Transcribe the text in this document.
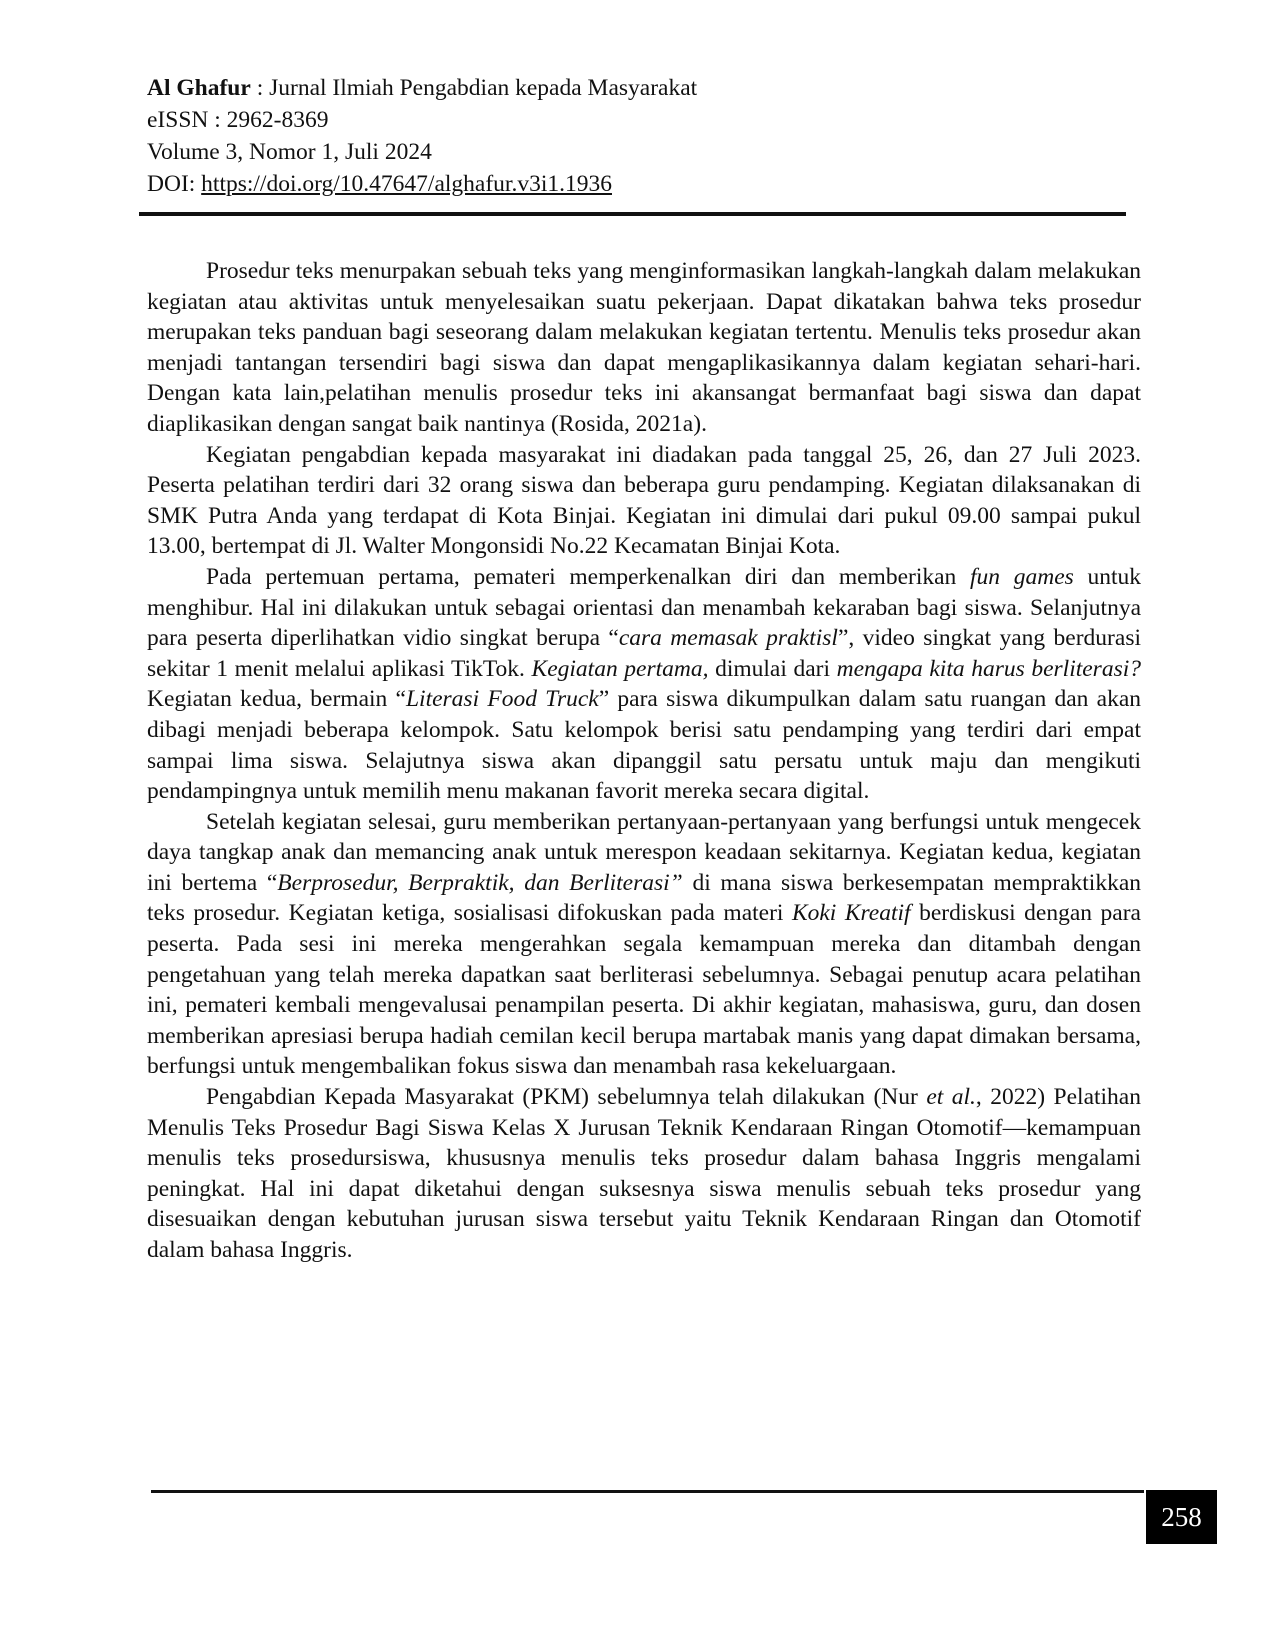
Al Ghafur : Jurnal Ilmiah Pengabdian kepada Masyarakat
eISSN : 2962-8369
Volume 3, Nomor 1, Juli 2024
DOI: https://doi.org/10.47647/alghafur.v3i1.1936

Prosedur teks menurpakan sebuah teks yang menginformasikan langkah-langkah dalam melakukan kegiatan atau aktivitas untuk menyelesaikan suatu pekerjaan. Dapat dikatakan bahwa teks prosedur merupakan teks panduan bagi seseorang dalam melakukan kegiatan tertentu. Menulis teks prosedur akan menjadi tantangan tersendiri bagi siswa dan dapat mengaplikasikannya dalam kegiatan sehari-hari. Dengan kata lain,pelatihan menulis prosedur teks ini akansangat bermanfaat bagi siswa dan dapat diaplikasikan dengan sangat baik nantinya (Rosida, 2021a).

Kegiatan pengabdian kepada masyarakat ini diadakan pada tanggal 25, 26, dan 27 Juli 2023. Peserta pelatihan terdiri dari 32 orang siswa dan beberapa guru pendamping. Kegiatan dilaksanakan di SMK Putra Anda yang terdapat di Kota Binjai. Kegiatan ini dimulai dari pukul 09.00 sampai pukul 13.00, bertempat di Jl. Walter Mongonsidi No.22 Kecamatan Binjai Kota.

Pada pertemuan pertama, pemateri memperkenalkan diri dan memberikan fun games untuk menghibur. Hal ini dilakukan untuk sebagai orientasi dan menambah kekaraban bagi siswa. Selanjutnya para peserta diperlihatkan vidio singkat berupa “cara memasak praktisl”, video singkat yang berdurasi sekitar 1 menit melalui aplikasi TikTok. Kegiatan pertama, dimulai dari mengapa kita harus berliterasi? Kegiatan kedua, bermain “Literasi Food Truck” para siswa dikumpulkan dalam satu ruangan dan akan dibagi menjadi beberapa kelompok. Satu kelompok berisi satu pendamping yang terdiri dari empat sampai lima siswa. Selajutnya siswa akan dipanggil satu persatu untuk maju dan mengikuti pendampingnya untuk memilih menu makanan favorit mereka secara digital.

Setelah kegiatan selesai, guru memberikan pertanyaan-pertanyaan yang berfungsi untuk mengecek daya tangkap anak dan memancing anak untuk merespon keadaan sekitarnya. Kegiatan kedua, kegiatan ini bertema “Berprosedur, Berpraktik, dan Berliterasi” di mana siswa berkesempatan mempraktikkan teks prosedur. Kegiatan ketiga, sosialisasi difokuskan pada materi Koki Kreatif berdiskusi dengan para peserta. Pada sesi ini mereka mengerahkan segala kemampuan mereka dan ditambah dengan pengetahuan yang telah mereka dapatkan saat berliterasi sebelumnya. Sebagai penutup acara pelatihan ini, pemateri kembali mengevalusai penampilan peserta. Di akhir kegiatan, mahasiswa, guru, dan dosen memberikan apresiasi berupa hadiah cemilan kecil berupa martabak manis yang dapat dimakan bersama, berfungsi untuk mengembalikan fokus siswa dan menambah rasa kekeluargaan.

Pengabdian Kepada Masyarakat (PKM) sebelumnya telah dilakukan (Nur et al., 2022) Pelatihan Menulis Teks Prosedur Bagi Siswa Kelas X Jurusan Teknik Kendaraan Ringan Otomotif—kemampuan menulis teks prosedursiswa, khususnya menulis teks prosedur dalam bahasa Inggris mengalami peningkat. Hal ini dapat diketahui dengan suksesnya siswa menulis sebuah teks prosedur yang disesuaikan dengan kebutuhan jurusan siswa tersebut yaitu Teknik Kendaraan Ringan dan Otomotif dalam bahasa Inggris.

258
